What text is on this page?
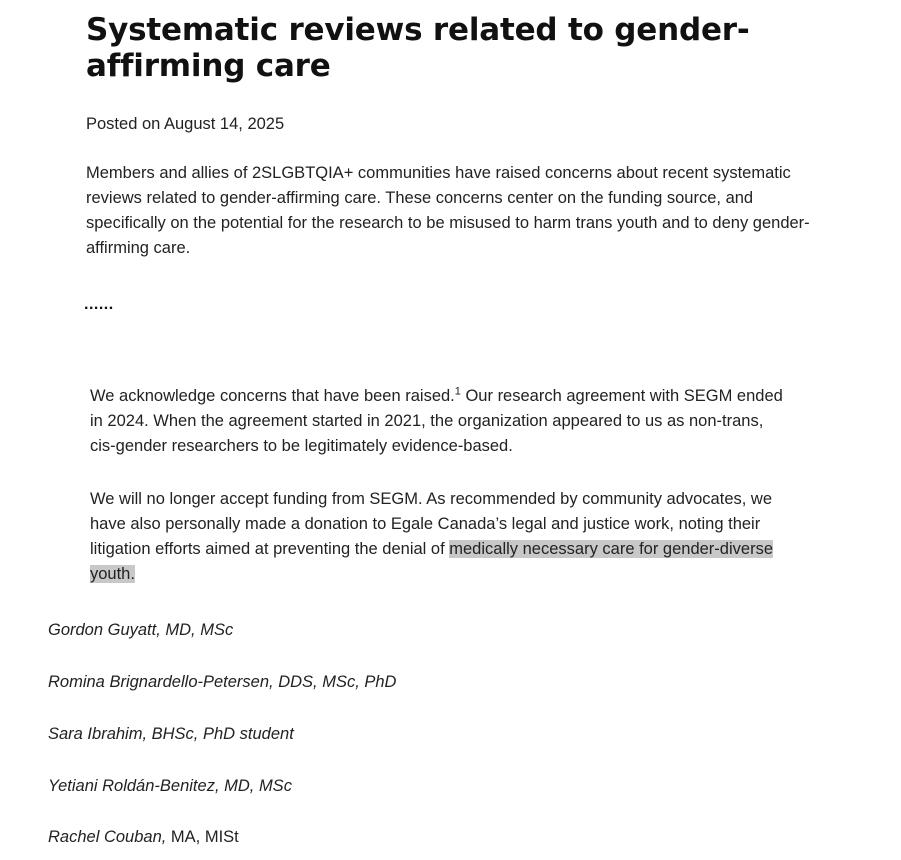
Systematic reviews related to gender-affirming care
Posted on August 14, 2025

Members and allies of 2SLGBTQIA+ communities have raised concerns about recent systematic reviews related to gender-affirming care. These concerns center on the funding source, and specifically on the potential for the research to be misused to harm trans youth and to deny gender-affirming care.

......

We acknowledge concerns that have been raised.$^1$ Our research agreement with SEGM ended in 2024. When the agreement started in 2021, the organization appeared to us as non-trans, cis-gender researchers to be legitimately evidence-based.

We will no longer accept funding from SEGM. As recommended by community advocates, we have also personally made a donation to Egale Canada’s legal and justice work, noting their litigation efforts aimed at preventing the denial of medically necessary care for gender-diverse youth.

Gordon Guyatt, MD, MSc
Romina Brignardello-Petersen, DDS, MSc, PhD
Sara Ibrahim, BHSc, PhD student
Yetiani Roldán-Benitez, MD, MSc
Rachel Couban, MA, MISt
